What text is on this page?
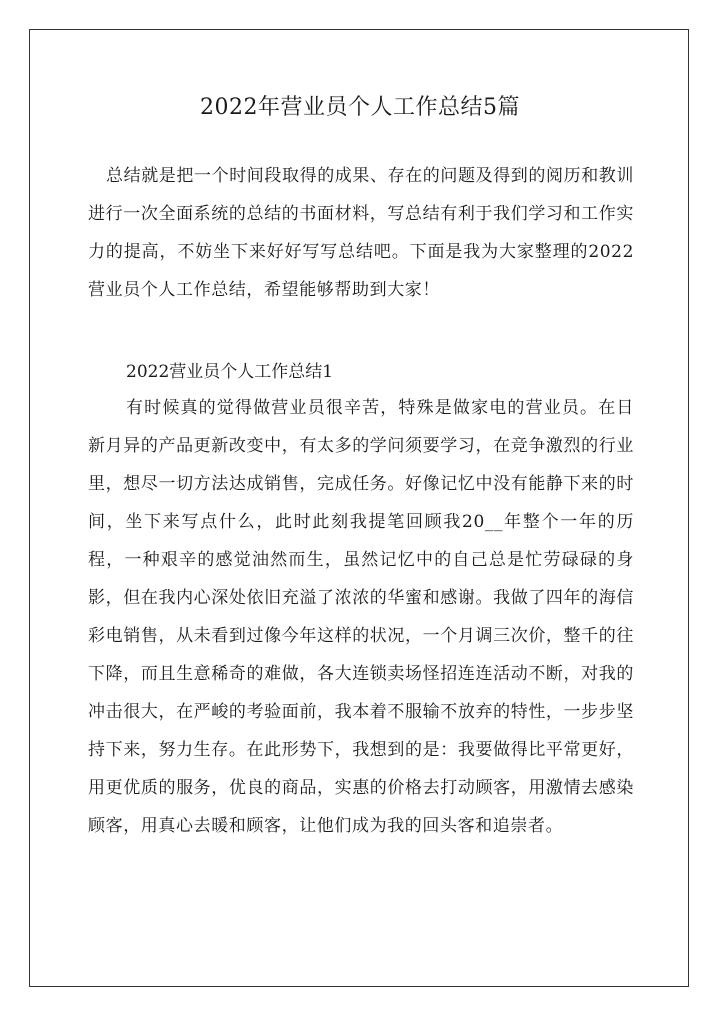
2022年营业员个人工作总结5篇

总结就是把一个时间段取得的成果、存在的问题及得到的阅历和教训进行一次全面系统的总结的书面材料，写总结有利于我们学习和工作实力的提高，不妨坐下来好好写写总结吧。下面是我为大家整理的2022营业员个人工作总结，希望能够帮助到大家！

2022营业员个人工作总结1

有时候真的觉得做营业员很辛苦，特殊是做家电的营业员。在日新月异的产品更新改变中，有太多的学问须要学习，在竞争激烈的行业里，想尽一切方法达成销售，完成任务。好像记忆中没有能静下来的时间，坐下来写点什么，此时此刻我提笔回顾我20__年整个一年的历程，一种艰辛的感觉油然而生，虽然记忆中的自己总是忙劳碌碌的身影，但在我内心深处依旧充溢了浓浓的华蜜和感谢。我做了四年的海信彩电销售，从未看到过像今年这样的状况，一个月调三次价，整千的往下降，而且生意稀奇的难做，各大连锁卖场怪招连连活动不断，对我的冲击很大，在严峻的考验面前，我本着不服输不放弃的特性，一步步坚持下来，努力生存。在此形势下，我想到的是：我要做得比平常更好，用更优质的服务，优良的商品，实惠的价格去打动顾客，用激情去感染顾客，用真心去暖和顾客，让他们成为我的回头客和追崇者。
